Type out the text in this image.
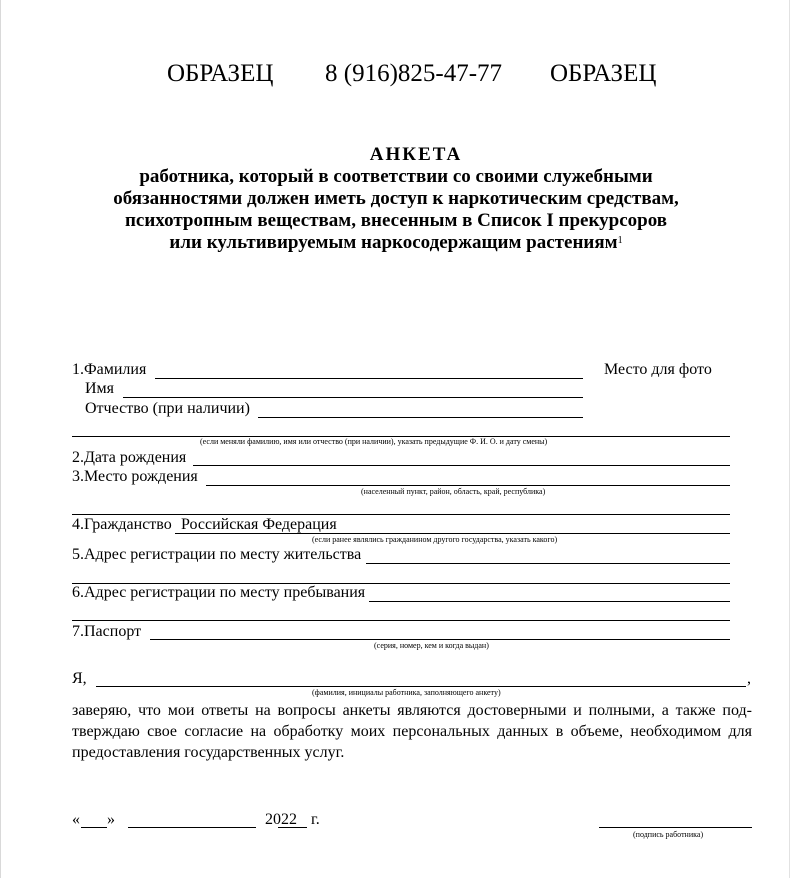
ОБРАЗЕЦ 8 (916)825-47-77 ОБРАЗЕЦ
АНКЕТА
работника, который в соответствии со своими служебными
обязанностями должен иметь доступ к наркотическим средствам,
психотропным веществам, внесенным в Список I прекурсоров
или культивируемым наркосодержащим растениям$^1$
Место для фото
1.Фамилия
Имя
Отчество (при наличии)
(если меняли фамилию, имя или отчество (при наличии), указать предыдущие Ф. И. О. и дату смены)
2.Дата рождения
3.Место рождения
(населенный пункт, район, область, край, республика)
4.Гражданство Российская Федерация
(если ранее являлись гражданином другого государства, указать какого)
5.Адрес регистрации по месту жительства
6.Адрес регистрации по месту пребывания
7.Паспорт
(серия, номер, кем и когда выдан)
Я,	,
(фамилия, инициалы работника, заполняющего анкету)
заверяю, что мои ответы на вопросы анкеты являются достоверными и полными, а также под-
тверждаю свое согласие на обработку моих персональных данных в объеме, необходимом для
предоставления государственных услуг.
« »	2022 г.
(подпись работника)
